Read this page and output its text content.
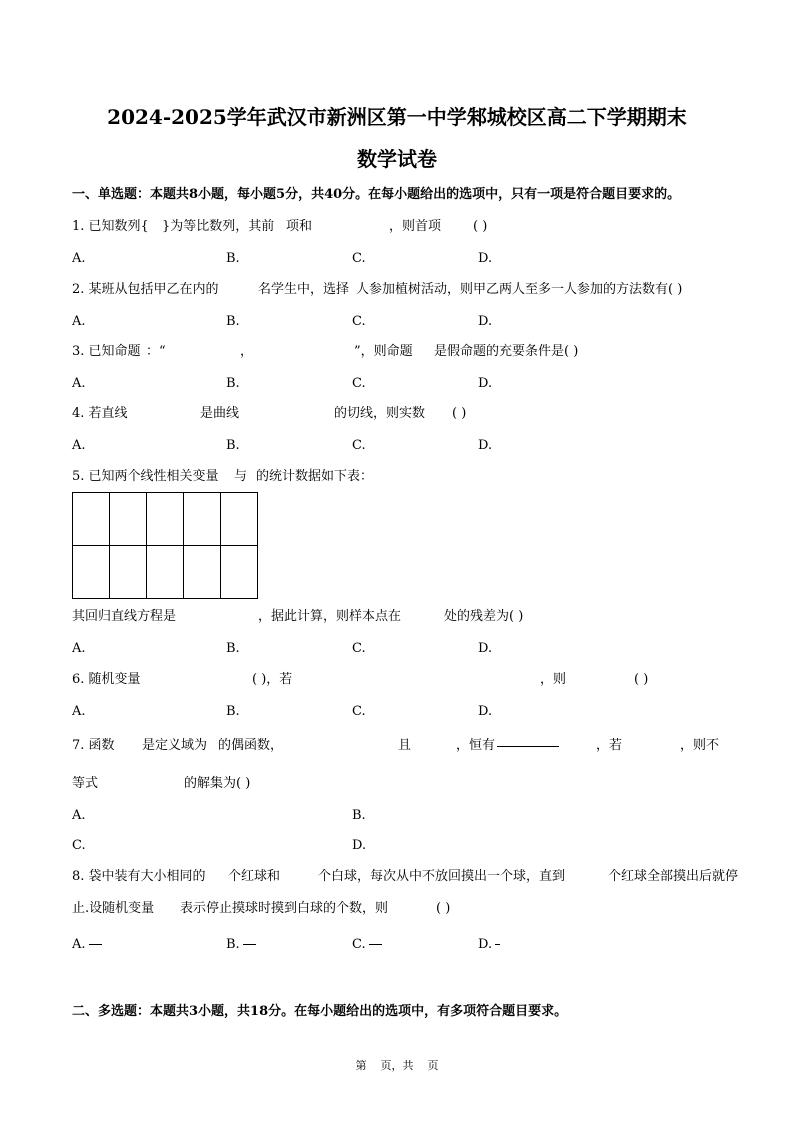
2024-2025学年武汉市新洲区第一中学邾城校区高二下学期期末
数学试卷
一、单选题：本题共8小题，每小题5分，共40分。在每小题给出的选项中，只有一项是符合题目要求的。
1. 已知数列{ }为等比数列，其前 项和	，则首项 ( )
A.	B.	C.	D.
2. 某班从包括甲乙在内的	名学生中，选择 人参加植树活动，则甲乙两人至多一人参加的方法数有( )
A.	B.	C.	D.
3. 已知命题 ：“	，	”，则命题 是假命题的充要条件是( )
A.	B.	C.	D.
4. 若直线	是曲线	的切线，则实数 ( )
A.	B.	C.	D.
5. 已知两个线性相关变量 与 的统计数据如下表：

其回归直线方程是	，据此计算，则样本点在	处的残差为( )
A.	B.	C.	D.
6. 随机变量	( )，若	，则	( )
A.	B.	C.	D.
7. 函数 是定义域为 的偶函数，	且	，恒有	，若	，则不
等式	的解集为( )
A.	B.
C.	D.
8. 袋中装有大小相同的 个红球和	个白球，每次从中不放回摸出一个球，直到	个红球全部摸出后就停
止.设随机变量 表示停止摸球时摸到白球的个数，则	( )
A.	B.	C.	D.
二、多选题：本题共3小题，共18分。在每小题给出的选项中，有多项符合题目要求。
第    页，共    页
